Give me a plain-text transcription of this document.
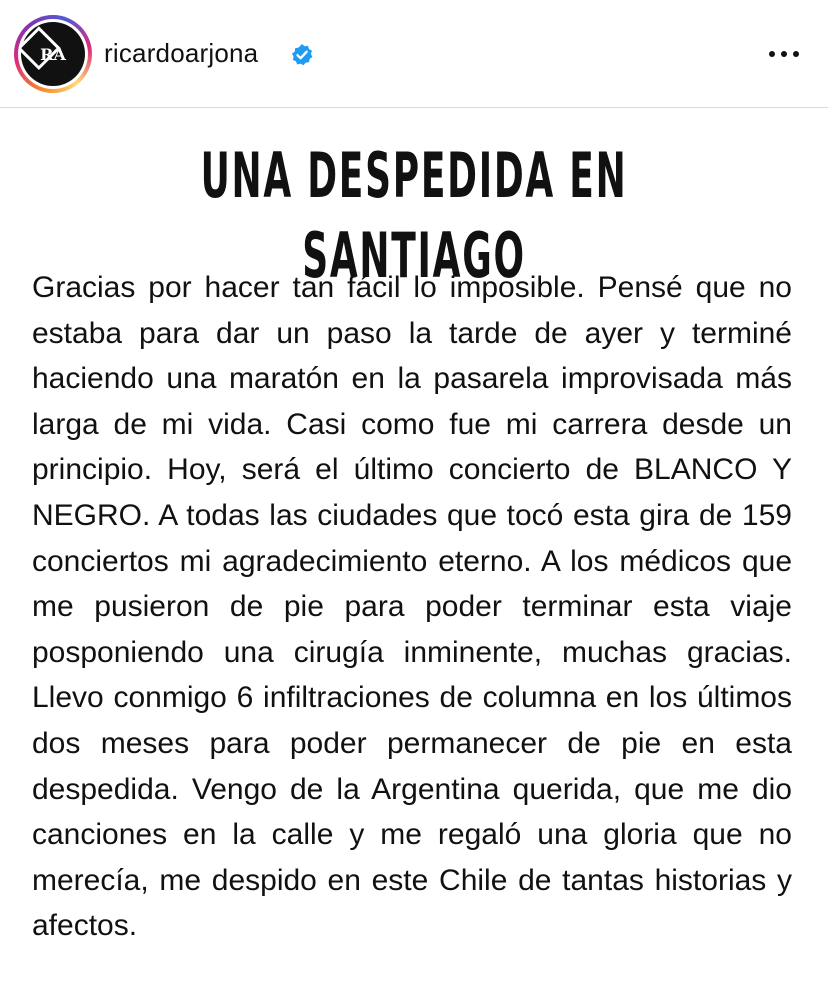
RA ricardoarjona
UNA DESPEDIDA EN SANTIAGO
Gracias por hacer tan fácil lo imposible. Pensé que no estaba para dar un paso la tarde de ayer y terminé haciendo una maratón en la pasarela improvisada más larga de mi vida. Casi como fue mi carrera desde un principio. Hoy, será el último concierto de BLANCO Y NEGRO. A todas las ciudades que tocó esta gira de 159 conciertos mi agradecimiento eterno. A los médicos que me pusieron de pie para poder terminar esta viaje posponiendo una cirugía inminente, muchas gracias. Llevo conmigo 6 infiltraciones de columna en los últimos dos meses para poder permanecer de pie en esta despedida. Vengo de la Argentina querida, que me dio canciones en la calle y me regaló una gloria que no merecía, me despido en este Chile de tantas historias y afectos.
